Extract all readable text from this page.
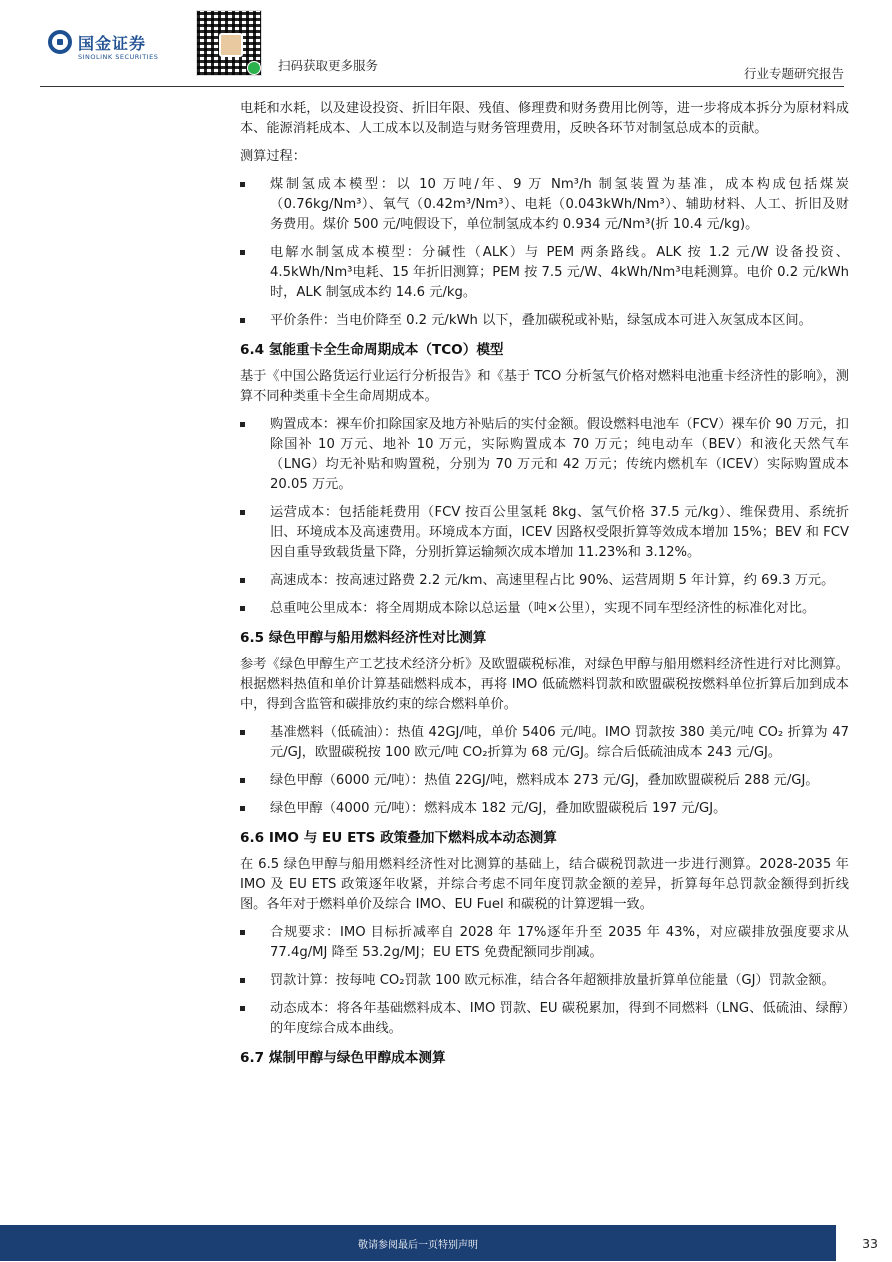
国金证券
SINOLINK SECURITIES
扫码获取更多服务
行业专题研究报告

电耗和水耗，以及建设投资、折旧年限、残值、修理费和财务费用比例等，进一步将成本拆分为原材料成本、能源消耗成本、人工成本以及制造与财务管理费用，反映各环节对制氢总成本的贡献。

测算过程：

煤制氢成本模型：以 10 万吨/年、9 万 Nm³/h 制氢装置为基准，成本构成包括煤炭（0.76kg/Nm³）、氧气（0.42m³/Nm³）、电耗（0.043kWh/Nm³）、辅助材料、人工、折旧及财务费用。煤价 500 元/吨假设下，单位制氢成本约 0.934 元/Nm³(折 10.4 元/kg)。
电解水制氢成本模型：分碱性（ALK）与 PEM 两条路线。ALK 按 1.2 元/W 设备投资、4.5kWh/Nm³电耗、15 年折旧测算；PEM 按 7.5 元/W、4kWh/Nm³电耗测算。电价 0.2 元/kWh 时，ALK 制氢成本约 14.6 元/kg。
平价条件：当电价降至 0.2 元/kWh 以下，叠加碳税或补贴，绿氢成本可进入灰氢成本区间。
6.4 氢能重卡全生命周期成本（TCO）模型

基于《中国公路货运行业运行分析报告》和《基于 TCO 分析氢气价格对燃料电池重卡经济性的影响》，测算不同种类重卡全生命周期成本。

购置成本：裸车价扣除国家及地方补贴后的实付金额。假设燃料电池车（FCV）裸车价 90 万元，扣除国补 10 万元、地补 10 万元，实际购置成本 70 万元；纯电动车（BEV）和液化天然气车（LNG）均无补贴和购置税，分别为 70 万元和 42 万元；传统内燃机车（ICEV）实际购置成本 20.05 万元。
运营成本：包括能耗费用（FCV 按百公里氢耗 8kg、氢气价格 37.5 元/kg）、维保费用、系统折旧、环境成本及高速费用。环境成本方面，ICEV 因路权受限折算等效成本增加 15%；BEV 和 FCV 因自重导致载货量下降，分别折算运输频次成本增加 11.23%和 3.12%。
高速成本：按高速过路费 2.2 元/km、高速里程占比 90%、运营周期 5 年计算，约 69.3 万元。
总重吨公里成本：将全周期成本除以总运量（吨×公里），实现不同车型经济性的标准化对比。
6.5 绿色甲醇与船用燃料经济性对比测算

参考《绿色甲醇生产工艺技术经济分析》及欧盟碳税标准，对绿色甲醇与船用燃料经济性进行对比测算。根据燃料热值和单价计算基础燃料成本，再将 IMO 低硫燃料罚款和欧盟碳税按燃料单位折算后加到成本中，得到含监管和碳排放约束的综合燃料单价。

基准燃料（低硫油）：热值 42GJ/吨，单价 5406 元/吨。IMO 罚款按 380 美元/吨 CO₂ 折算为 47 元/GJ，欧盟碳税按 100 欧元/吨 CO₂折算为 68 元/GJ。综合后低硫油成本 243 元/GJ。
绿色甲醇（6000 元/吨）：热值 22GJ/吨，燃料成本 273 元/GJ，叠加欧盟碳税后 288 元/GJ。
绿色甲醇（4000 元/吨）：燃料成本 182 元/GJ，叠加欧盟碳税后 197 元/GJ。
6.6 IMO 与 EU ETS 政策叠加下燃料成本动态测算

在 6.5 绿色甲醇与船用燃料经济性对比测算的基础上，结合碳税罚款进一步进行测算。2028-2035 年 IMO 及 EU ETS 政策逐年收紧，并综合考虑不同年度罚款金额的差异，折算每年总罚款金额得到折线图。各年对于燃料单价及综合 IMO、EU Fuel 和碳税的计算逻辑一致。

合规要求：IMO 目标折减率自 2028 年 17%逐年升至 2035 年 43%，对应碳排放强度要求从 77.4g/MJ 降至 53.2g/MJ；EU ETS 免费配额同步削减。
罚款计算：按每吨 CO₂罚款 100 欧元标准，结合各年超额排放量折算单位能量（GJ）罚款金额。
动态成本：将各年基础燃料成本、IMO 罚款、EU 碳税累加，得到不同燃料（LNG、低硫油、绿醇）的年度综合成本曲线。
6.7 煤制甲醇与绿色甲醇成本测算
敬请参阅最后一页特别声明	33
